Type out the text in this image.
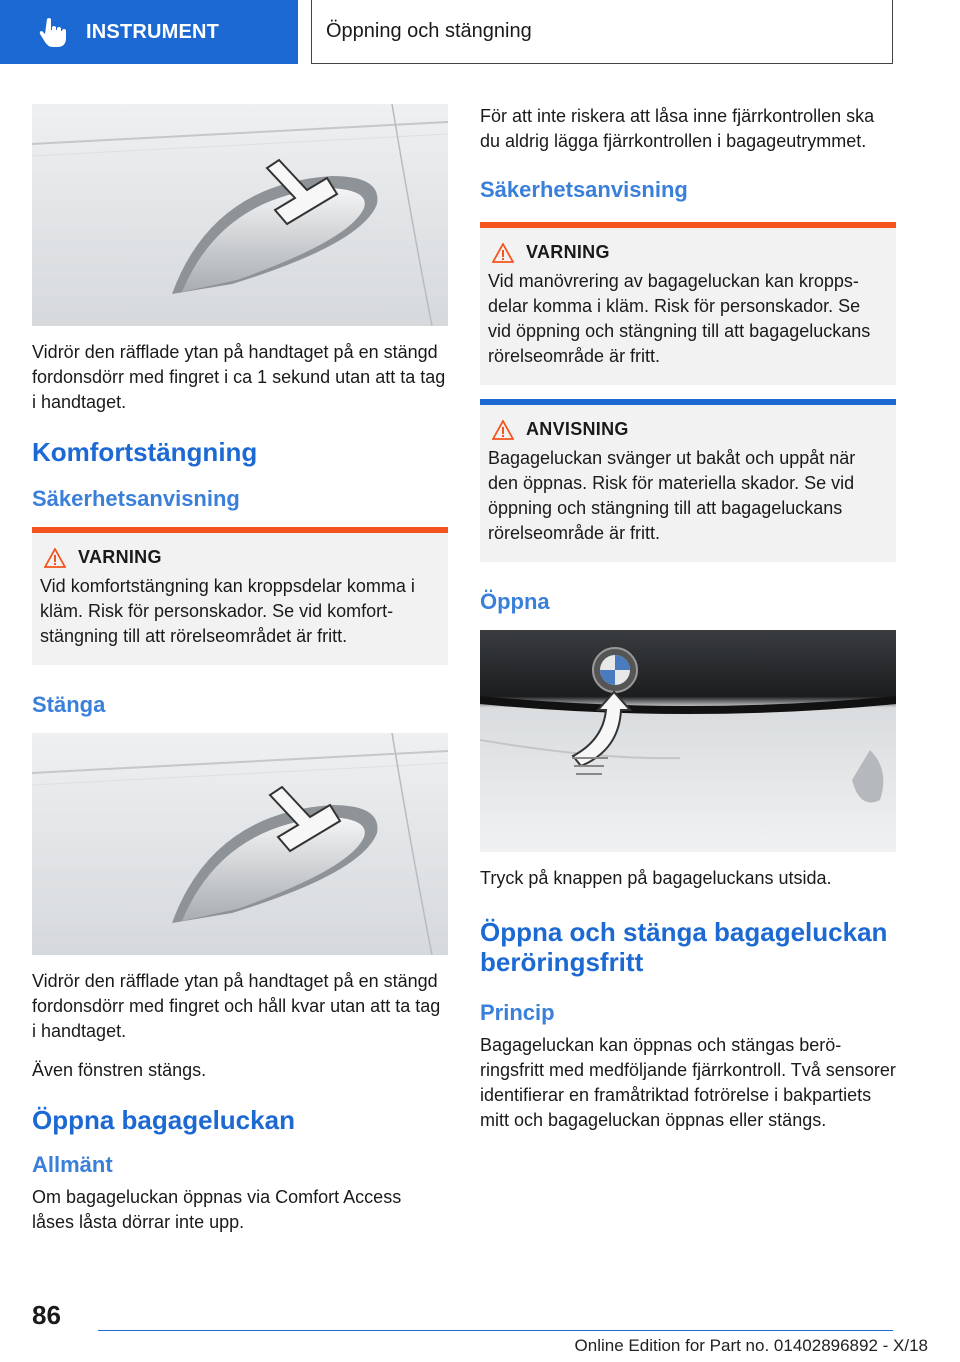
INSTRUMENT	Öppning och stängning

Vidrör den räfflade ytan på handtaget på en stängd fordonsdörr med fingret i ca 1 sekund utan att ta tag i handtaget.

Komfortstängning
Säkerhetsanvisning
VARNING
Vid komfortstängning kan kroppsdelar komma i kläm. Risk för personskador. Se vid komfortstängning till att rörelseområdet är fritt.
Stänga

Vidrör den räfflade ytan på handtaget på en stängd fordonsdörr med fingret och håll kvar utan att ta tag i handtaget.

Även fönstren stängs.

Öppna bagageluckan
Allmänt

Om bagageluckan öppnas via Comfort Access låses låsta dörrar inte upp.

För att inte riskera att låsa inne fjärrkontrollen ska du aldrig lägga fjärrkontrollen i bagageutrymmet.

Säkerhetsanvisning
VARNING
Vid manövrering av bagageluckan kan kroppsdelar komma i kläm. Risk för personskador. Se vid öppning och stängning till att bagageluckans rörelseområde är fritt.
ANVISNING
Bagageluckan svänger ut bakåt och uppåt när den öppnas. Risk för materiella skador. Se vid öppning och stängning till att bagageluckans rörelseområde är fritt.
Öppna

Tryck på knappen på bagageluckans utsida.

Öppna och stänga bagageluckan beröringsfritt
Princip

Bagageluckan kan öppnas och stängas beröringsfritt med medföljande fjärrkontroll. Två sensorer identifierar en framåtriktad fotrörelse i bakpartiets mitt och bagageluckan öppnas eller stängs.

86
Online Edition for Part no. 01402896892 - X/18
